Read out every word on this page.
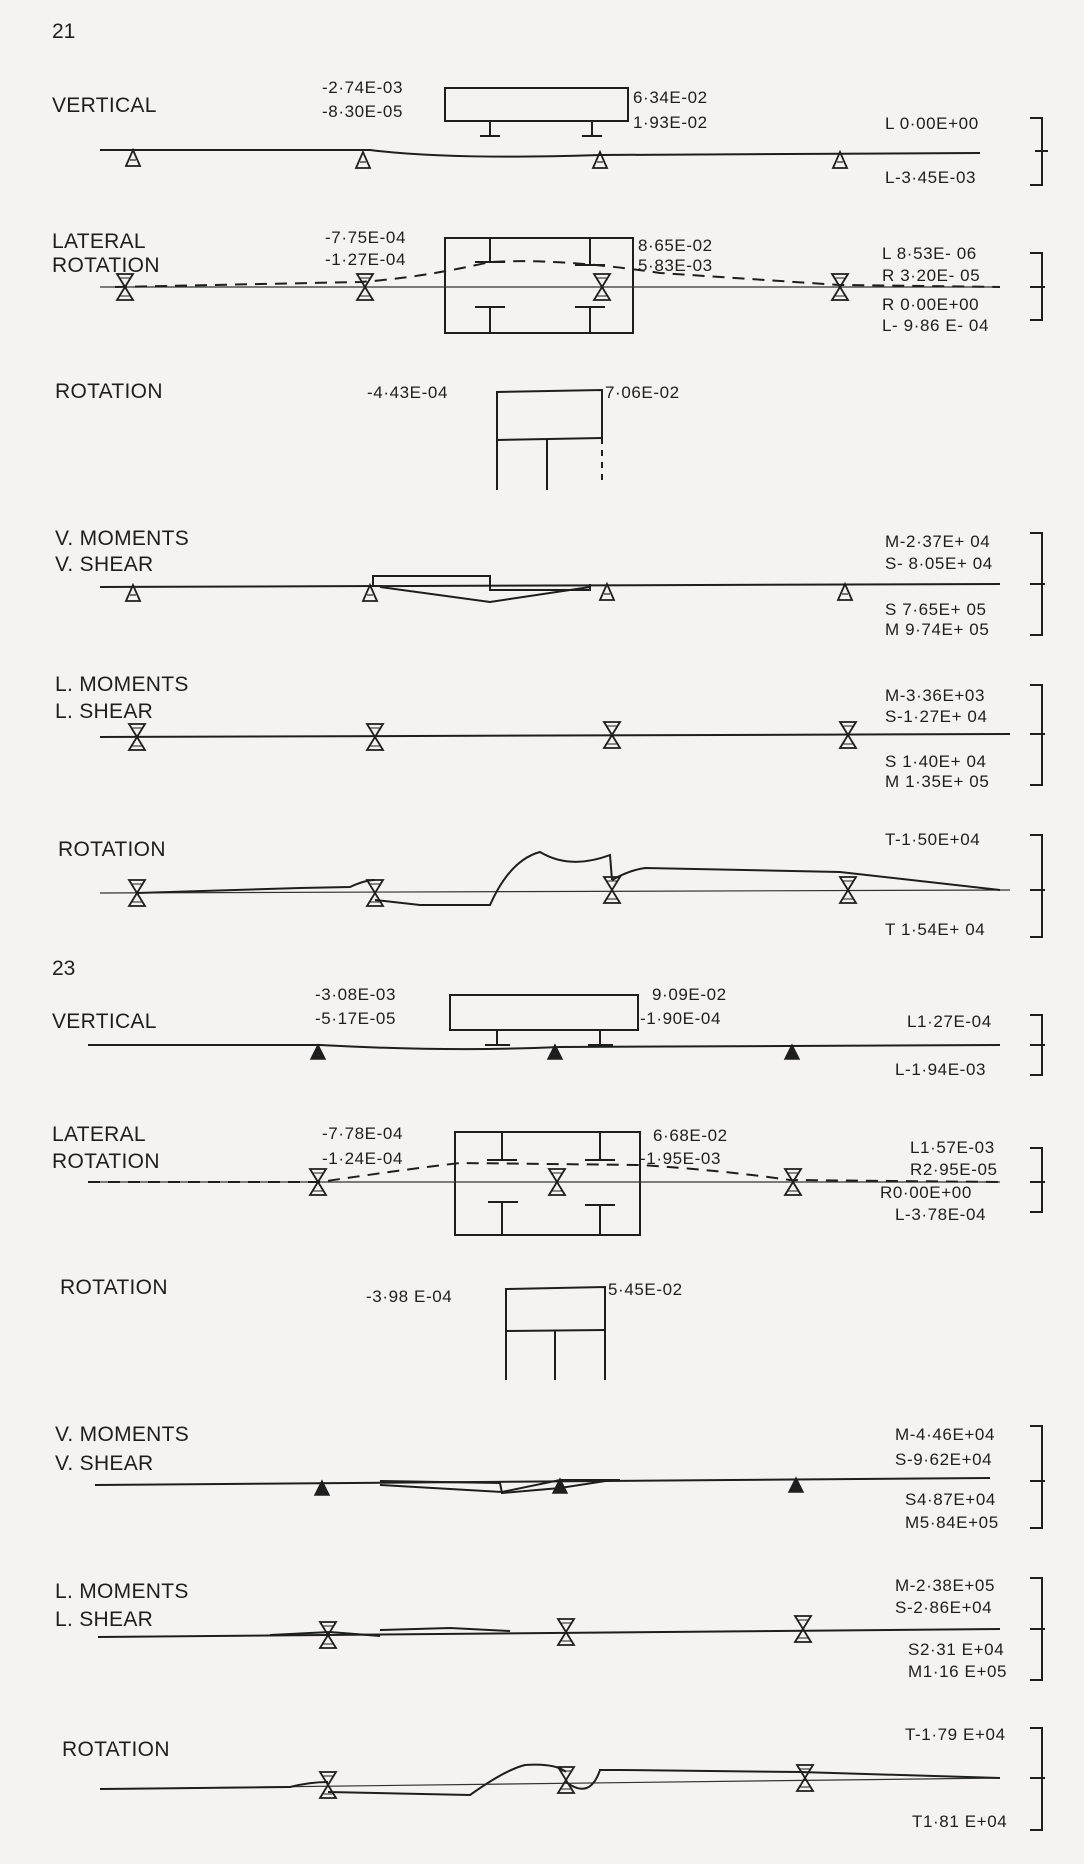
21
VERTICAL
-2·74E-03
-8·30E-05
6·34E-02
1·93E-02	L 0·00E+00
L-3·45E-03
LATERAL
ROTATION
-7·75E-04
-1·27E-04
8·65E-02
5·83E-03
L 8·53E- 06
R 3·20E- 05
R 0·00E+00
L- 9·86 E- 04
ROTATION	-4·43E-04	7·06E-02
V. MOMENTS
V. SHEAR
M-2·37E+ 04
S- 8·05E+ 04
S 7·65E+ 05
M 9·74E+ 05
L. MOMENTS
L. SHEAR
M-3·36E+03
S-1·27E+ 04
S 1·40E+ 04
M 1·35E+ 05
ROTATION	T-1·50E+04
T 1·54E+ 04
23
VERTICAL
-3·08E-03
-5·17E-05
9·09E-02
-1·90E-04	L1·27E-04
L-1·94E-03
LATERAL
ROTATION
-7·78E-04
-1·24E-04
6·68E-02
-1·95E-03
L1·57E-03
R2·95E-05
R0·00E+00
L-3·78E-04
ROTATION	-3·98 E-04	5·45E-02
V. MOMENTS
V. SHEAR
M-4·46E+04
S-9·62E+04
S4·87E+04
M5·84E+05
L. MOMENTS
L. SHEAR
M-2·38E+05
S-2·86E+04
S2·31 E+04
M1·16 E+05
ROTATION
T-1·79 E+04
T1·81 E+04
